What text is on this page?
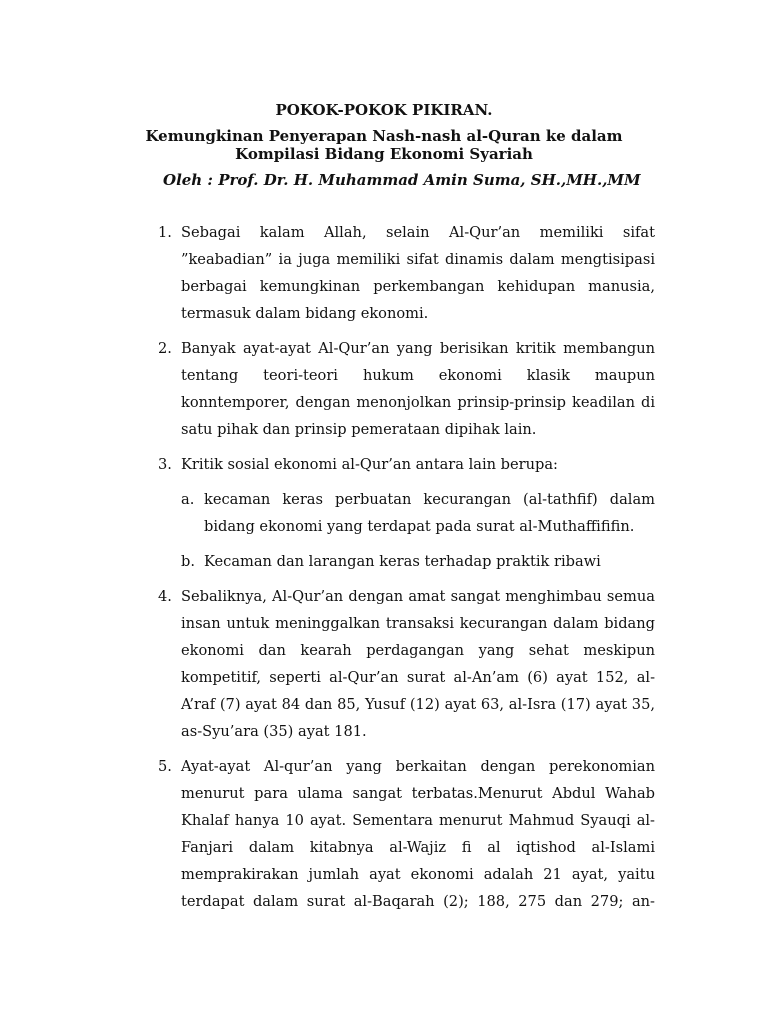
POKOK-POKOK PIKIRAN.
Kemungkinan Penyerapan Nash-nash al-Quran ke dalam
Kompilasi Bidang Ekonomi Syariah
Oleh : Prof. Dr. H. Muhammad Amin Suma, SH.,MH.,MM
1. Sebagai kalam Allah, selain Al-Qur’an memiliki sifat ”keabadian” ia juga memiliki sifat dinamis dalam mengtisipasi berbagai kemungkinan perkembangan kehidupan manusia, termasuk dalam bidang ekonomi.
2. Banyak ayat-ayat Al-Qur’an yang berisikan kritik membangun tentang teori-teori hukum ekonomi klasik maupun konntemporer, dengan menonjolkan prinsip-prinsip keadilan di satu pihak dan prinsip pemerataan dipihak lain.
3. Kritik sosial ekonomi al-Qur’an antara lain berupa:
a. kecaman keras perbuatan kecurangan (al-tathfif) dalam bidang ekonomi yang terdapat pada surat al-Muthaffififin.
b. Kecaman dan larangan keras terhadap praktik ribawi
4. Sebaliknya, Al-Qur’an dengan amat sangat menghimbau semua insan untuk meninggalkan transaksi kecurangan dalam bidang ekonomi dan kearah perdagangan yang sehat meskipun kompetitif, seperti al-Qur’an surat al-An’am (6) ayat 152, al-A’raf (7) ayat 84 dan 85, Yusuf (12) ayat 63, al-Isra (17) ayat 35, as-Syu’ara (35) ayat 181.
5. Ayat-ayat Al-qur’an yang berkaitan dengan perekonomian menurut para ulama sangat terbatas.Menurut Abdul Wahab Khalaf hanya 10 ayat. Sementara menurut Mahmud Syauqi al-Fanjari dalam kitabnya al-Wajiz fi al iqtishod al-Islami memprakirakan jumlah ayat ekonomi adalah 21 ayat, yaitu terdapat dalam surat al-Baqarah (2); 188, 275 dan 279; an-
